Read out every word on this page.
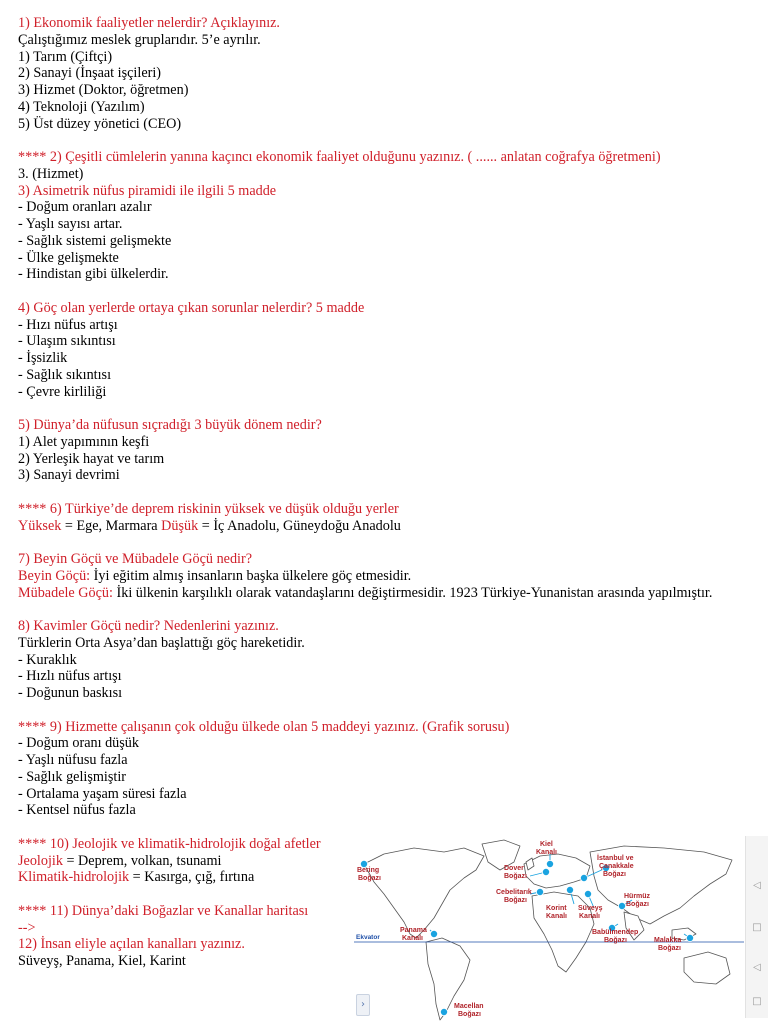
1) Ekonomik faaliyetler nelerdir? Açıklayınız.
Çalıştığımız meslek gruplarıdır. 5’e ayrılır.
1) Tarım (Çiftçi)
2) Sanayi (İnşaat işçileri)
3) Hizmet (Doktor, öğretmen)
4) Teknoloji (Yazılım)
5) Üst düzey yönetici (CEO)
**** 2) Çeşitli cümlelerin yanına kaçıncı ekonomik faaliyet olduğunu yazınız. ( ...... anlatan coğrafya öğretmeni)
3. (Hizmet)
3) Asimetrik nüfus piramidi ile ilgili 5 madde
- Doğum oranları azalır
- Yaşlı sayısı artar.
- Sağlık sistemi gelişmekte
- Ülke gelişmekte
- Hindistan gibi ülkelerdir.
4) Göç olan yerlerde ortaya çıkan sorunlar nelerdir? 5 madde
- Hızı nüfus artışı
- Ulaşım sıkıntısı
- İşsizlik
- Sağlık sıkıntısı
- Çevre kirliliği
5) Dünya’da nüfusun sıçradığı 3 büyük dönem nedir?
1) Alet yapımının keşfi
2) Yerleşik hayat ve tarım
3) Sanayi devrimi
**** 6) Türkiye’de deprem riskinin yüksek ve düşük olduğu yerler
Yüksek = Ege, Marmara Düşük = İç Anadolu, Güneydoğu Anadolu
7) Beyin Göçü ve Mübadele Göçü nedir?
Beyin Göçü: İyi eğitim almış insanların başka ülkelere göç etmesidir.
Mübadele Göçü: İki ülkenin karşılıklı olarak vatandaşlarını değiştirmesidir. 1923 Türkiye-Yunanistan arasında yapılmıştır.
8) Kavimler Göçü nedir? Nedenlerini yazınız.
Türklerin Orta Asya’dan başlattığı göç hareketidir.
- Kuraklık
- Hızlı nüfus artışı
- Doğunun baskısı
**** 9) Hizmette çalışanın çok olduğu ülkede olan 5 maddeyi yazınız. (Grafik sorusu)
- Doğum oranı düşük
- Yaşlı nüfusu fazla
- Sağlık gelişmiştir
- Ortalama yaşam süresi fazla
- Kentsel nüfus fazla
**** 10) Jeolojik ve klimatik-hidrolojik doğal afetler
Jeolojik = Deprem, volkan, tsunami
Klimatik-hidrolojik = Kasırga, çığ, fırtına
**** 11) Dünya’daki Boğazlar ve Kanallar haritası
-->
12) İnsan eliyle açılan kanalları yazınız.
Süveyş, Panama, Kiel, Karint
Ekvator
Kiel
Kanalı
İstanbul ve
Çanakkale
Boğazı
Bering
Boğazı
Dover
Boğazı
Hürmüz
Boğazı
Cebelitarık
Boğazı
Korint
Kanalı
Süveyş
Kanalı
Panama
Kanalı
Babülmendep
Boğazı	Malakka
Boğazı
Macellan
Boğazı
›
◁
□
◁
□
